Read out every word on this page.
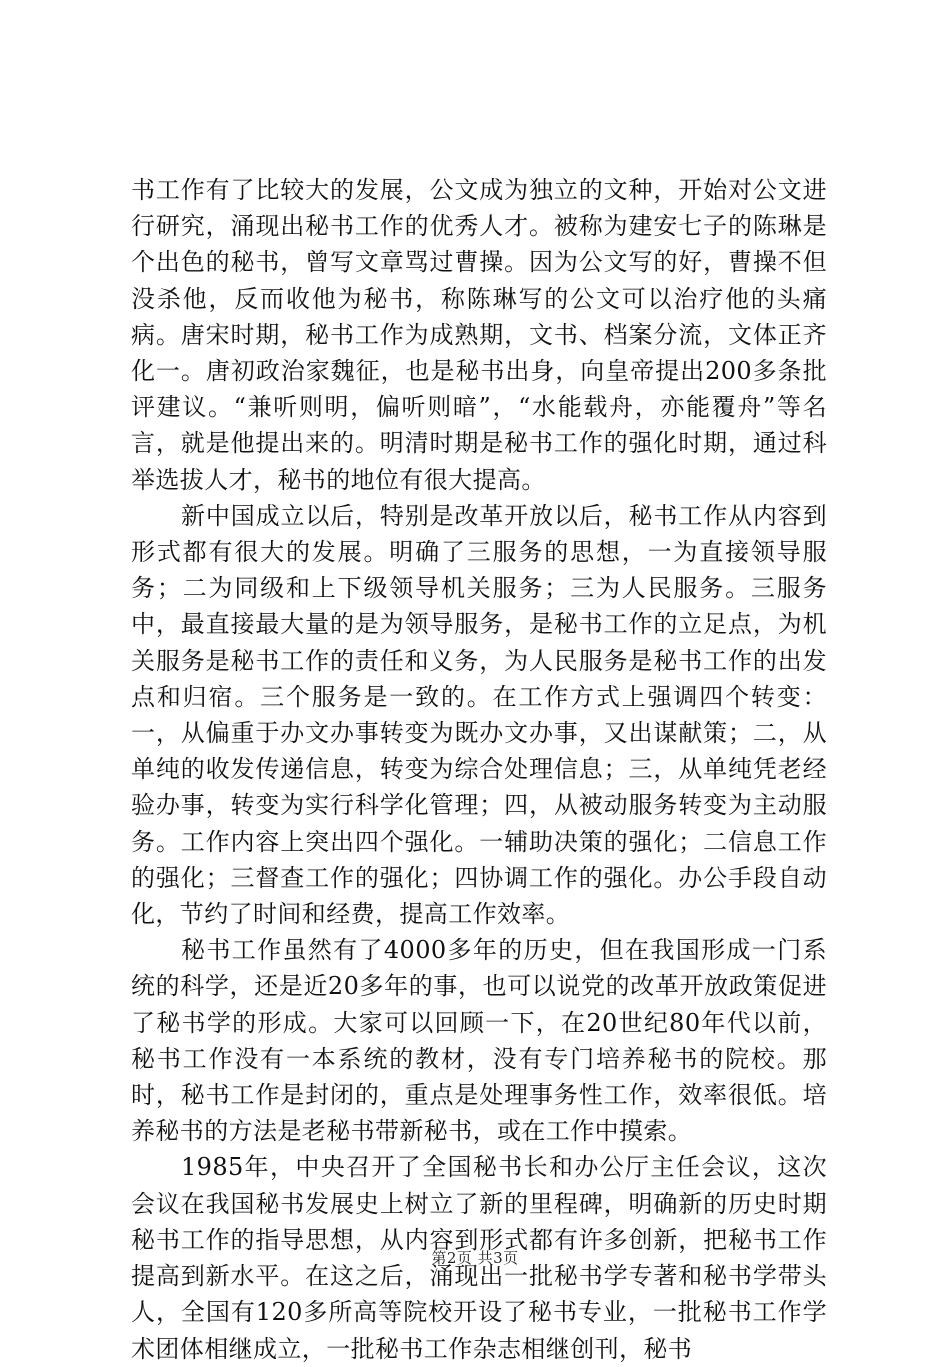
书工作有了比较大的发展，公文成为独立的文种，开始对公文进行研究，涌现出秘书工作的优秀人才。被称为建安七子的陈琳是个出色的秘书，曾写文章骂过曹操。因为公文写的好，曹操不但没杀他，反而收他为秘书，称陈琳写的公文可以治疗他的头痛病。唐宋时期，秘书工作为成熟期，文书、档案分流，文体正齐化一。唐初政治家魏征，也是秘书出身，向皇帝提出200多条批评建议。“兼听则明，偏听则暗”，“水能载舟，亦能覆舟”等名言，就是他提出来的。明清时期是秘书工作的强化时期，通过科举选拔人才，秘书的地位有很大提高。

新中国成立以后，特别是改革开放以后，秘书工作从内容到形式都有很大的发展。明确了三服务的思想，一为直接领导服务；二为同级和上下级领导机关服务；三为人民服务。三服务中，最直接最大量的是为领导服务，是秘书工作的立足点，为机关服务是秘书工作的责任和义务，为人民服务是秘书工作的出发点和归宿。三个服务是一致的。在工作方式上强调四个转变：一，从偏重于办文办事转变为既办文办事，又出谋献策；二，从单纯的收发传递信息，转变为综合处理信息；三，从单纯凭老经验办事，转变为实行科学化管理；四，从被动服务转变为主动服务。工作内容上突出四个强化。一辅助决策的强化；二信息工作的强化；三督查工作的强化；四协调工作的强化。办公手段自动化，节约了时间和经费，提高工作效率。

秘书工作虽然有了4000多年的历史，但在我国形成一门系统的科学，还是近20多年的事，也可以说党的改革开放政策促进了秘书学的形成。大家可以回顾一下，在20世纪80年代以前，秘书工作没有一本系统的教材，没有专门培养秘书的院校。那时，秘书工作是封闭的，重点是处理事务性工作，效率很低。培养秘书的方法是老秘书带新秘书，或在工作中摸索。

1985年，中央召开了全国秘书长和办公厅主任会议，这次会议在我国秘书发展史上树立了新的里程碑，明确新的历史时期秘书工作的指导思想，从内容到形式都有许多创新，把秘书工作提高到新水平。在这之后，涌现出一批秘书学专著和秘书学带头人，全国有120多所高等院校开设了秘书专业，一批秘书工作学术团体相继成立，一批秘书工作杂志相继创刊，秘书

第2页 共3页
